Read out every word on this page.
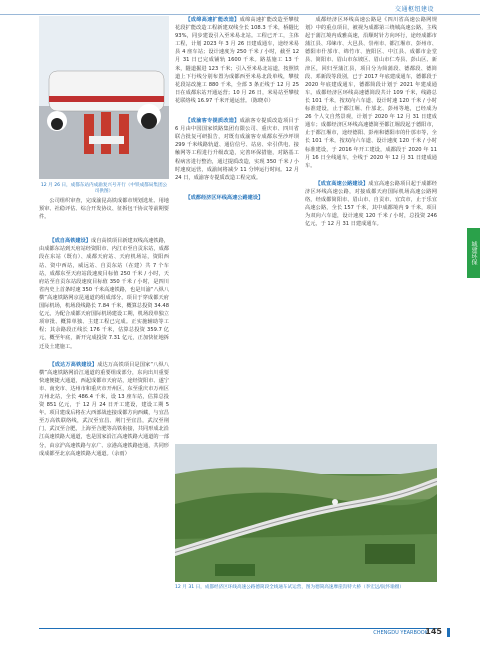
交通枢纽建设
城建环保
12 月 26 日，成都东站内成渝复兴号开行（中铁成都局集团公司供图）

公司组织审查，完成渝昆高铁成都市规划选址、用地预审、社稳评估、综合开发协议、征拆包干协议等前期要件。

【成自高铁建设】成自高铁项目新建双线高速铁路，由成都东站到天府站经资阳市、内江市至自贡东站，成都段在东站（既有）、成都天府站、天府机场站，资阳西站、资中西站，威远站、自贡东站（在建）共 7 个车站，成都东至天府站段速度目标值 250 千米 / 小时，天府站至自贡东站段速度目标值 350 千米 / 小时，是四川省内史上首条时速 350 千米高速铁路，也是川渝“八纵八横”高速铁路网京昆通道的组成部分。项目于穿成都天府国际机场，机场段线路长 7.84 千米，概算总投资 34.48 亿元，为配合成都天府国际机场建设工期，机场段单独立项审批、概算单独、主建工程已完成。正实施辅助等工程；其余路段正线长 176 千米，估算总投资 359.7 亿元，概至年底，新开完成投资 7.31 亿元，正加快征地拆迁及土建施工。

【成达万高铁建设】成达万高铁项目是国家“八纵八横”高速铁路网沿江通道的重要组成部分，东向出川重要快速便捷大通道，西起成都市天府站，途经资阳市、遂宁市、南充市、达州市和重庆市开州区，东至重庆市万州区万州北站，全长 486.4 千米，设 13 座车站，估算总投资 851 亿元，于 12 月 24 日开工建设，建设工期 5 年。项目建成后将在大西部战连接成都方向西藏，与宜昌至万高铁联络线，武汉至宜昌、荆门至宜昌，武汉至荆门，武汉至合肥，上海至合肥等高铁衔接，共同形成北沿江高速铁路大通道，也是国家沿江高速铁路大通道的一部分，由京沪高速铁路与京广、京港高速铁路连通，共同形成成都至北京高速铁路大通道。（余雨）

【成绵高速扩能改造】成绵高速扩能改造至攀枝花段扩能改造工程新建双线全长 108.3 千米，桥隧比 93%，同步建设引入至米易北站。工程已开工，主体工程，计划 2023 年 3 月 26 日建成通车，途经米易县 4 座车站；设计速度为 250 千米 / 小时，截至 12 月 31 日已完成铺轨 1600 千米。路基施工 13 千米，隧道掘进 123 千米；引入至米易北站道，按照铁道上下行线分别布置为成都西至米易北段单线，攀枝花段站改施工 880 千米，全部 3 条正线于 12 月 25 日在成都东站开通运营；10 月 26 日，米易站至攀枝花联络线 16.97 千米开通运营。（陈晓卓）

【成渝客专提质改造】成渝客专提质改造项目于 6 月由中国国家铁路集团有限公司、重庆市、四川省联合批复可研报告，对既有成渝客专成都东至沙坪坝 299 千米线路轨道、通信信号、站房、牵引供电、接触网等工程进行升级改造，完善环保措施，对路基工程病害进行整治，通过提质改造，实现 350 千米 / 小时速度运营，成渝间将减少 11 分钟运行时间。12 月 24 日，成渝客专提质改造工程完成。

【成都经济区环线高速公路建设】

成都经济区环线高速公路是《四川省高速公路网规划》中的重点项目，被视为成都第三绕城高速公路，主线起于蒲江境内成雅高速，沿顺时针方向环行，途经成都市蒲江县、邛崃市、大邑县、崇州市、都江堰市、彭州市、德阳市什邡市、绵竹市、旌阳区、中江县、成都市金堂县、简阳市、眉山市东坡区、眉山市仁寿县、彭山区、新津区，回归至蒲江县，项目分为简蒲段、德都段、德简段、邓新段等段别，已于 2017 年底建成通车，德都段于 2020 年底建成通车，德都简段计划于 2021 年建成通车。成都经济区环线高速德简段共计 109 千米，线路总长 101 千米，按双向六车道、设计时速 120 千米 / 小时标准建设，止于都江堰、什邡北、彭州等地，已经成为 26 个人文自然景观，计划于 2020 年 12 月 31 日建成通车；成都经济区环线高速德简至都江堰段起于德阳市，止于都江堰市，途经德阳、彭州和德阳市的什邡市等，全长 101 千米，按双向六车道、设计速度 120 千米 / 小时标准建设，于 2016 年开工建设，成都段于 2020 年 11 月 16 日全线通车，全线于 2020 年 12 月 31 日建成通车。

【成宜高速公路建设】成宜高速公路项目起于成都经济区环线高速公路，对接成都天府国际机场高速公路网络，经成都简阳市、眉山市、自贡市、宜宾市，止于乐宜高速公路，全长 157 千米，其中成都境内 9 千米，项目为双向六车道，设计速度 120 千米 / 小时，总投资 246 亿元，于 12 月 31 日建成通车。

12 月 31 日，成都经济区环线高速公路德简段全线通车试运营，图为德简高速摩崖沟特大桥（李宏远/阮怀瑜摄）
CHENGDU YEARBOOK
145
